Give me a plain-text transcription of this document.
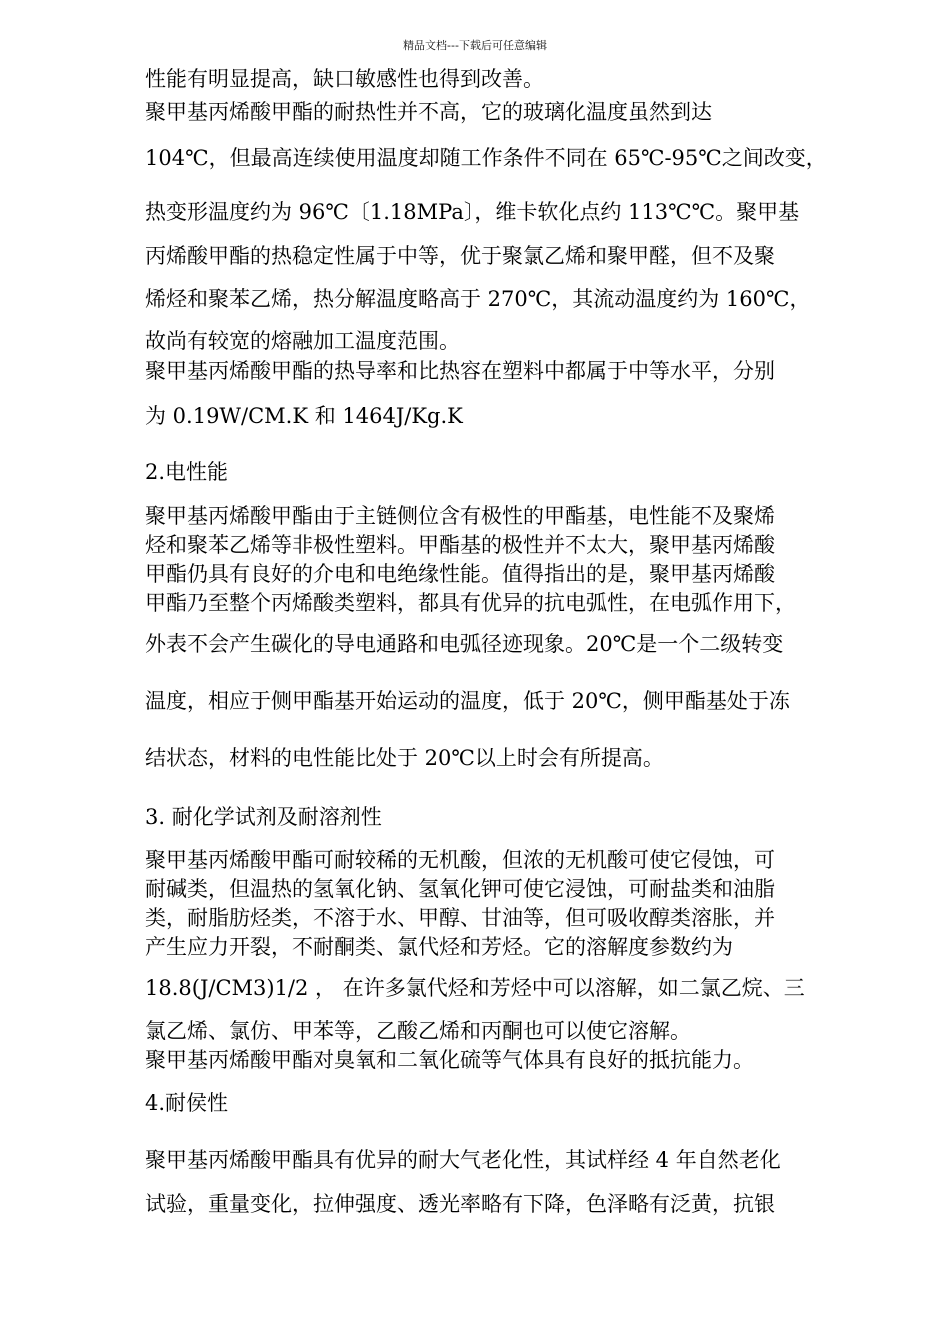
精品文档---下载后可任意编辑
性能有明显提高，缺口敏感性也得到改善。
聚甲基丙烯酸甲酯的耐热性并不高，它的玻璃化温度虽然到达
104℃，但最高连续使用温度却随工作条件不同在 65℃-95℃之间改变，
热变形温度约为 96℃〔1.18MPa〕，维卡软化点约 113℃℃。聚甲基
丙烯酸甲酯的热稳定性属于中等，优于聚氯乙烯和聚甲醛，但不及聚
烯烃和聚苯乙烯，热分解温度略高于 270℃，其流动温度约为 160℃，
故尚有较宽的熔融加工温度范围。
聚甲基丙烯酸甲酯的热导率和比热容在塑料中都属于中等水平，分别
为 0.19W/CM.K 和 1464J/Kg.K
2.电性能
聚甲基丙烯酸甲酯由于主链侧位含有极性的甲酯基，电性能不及聚烯
烃和聚苯乙烯等非极性塑料。甲酯基的极性并不太大，聚甲基丙烯酸
甲酯仍具有良好的介电和电绝缘性能。值得指出的是，聚甲基丙烯酸
甲酯乃至整个丙烯酸类塑料，都具有优异的抗电弧性，在电弧作用下，
外表不会产生碳化的导电通路和电弧径迹现象。20℃是一个二级转变
温度，相应于侧甲酯基开始运动的温度，低于 20℃，侧甲酯基处于冻
结状态，材料的电性能比处于 20℃以上时会有所提高。
3. 耐化学试剂及耐溶剂性
聚甲基丙烯酸甲酯可耐较稀的无机酸，但浓的无机酸可使它侵蚀，可
耐碱类，但温热的氢氧化钠、氢氧化钾可使它浸蚀，可耐盐类和油脂
类，耐脂肪烃类，不溶于水、甲醇、甘油等，但可吸收醇类溶胀，并
产生应力开裂，不耐酮类、氯代烃和芳烃。它的溶解度参数约为
18.8(J/CM3)1/2 ， 在许多氯代烃和芳烃中可以溶解，如二氯乙烷、三
氯乙烯、氯仿、甲苯等，乙酸乙烯和丙酮也可以使它溶解。
聚甲基丙烯酸甲酯对臭氧和二氧化硫等气体具有良好的抵抗能力。
4.耐侯性
聚甲基丙烯酸甲酯具有优异的耐大气老化性，其试样经 4 年自然老化
试验，重量变化，拉伸强度、透光率略有下降，色泽略有泛黄，抗银
